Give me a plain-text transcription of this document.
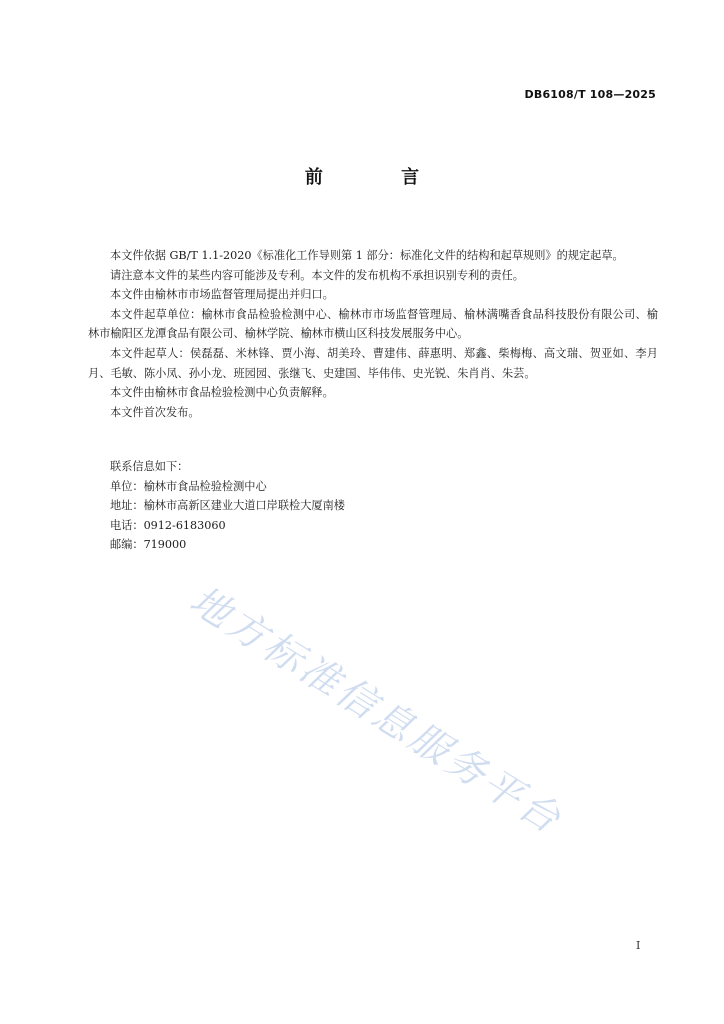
DB6108/T 108—2025
前 言

本文件依据 GB/T 1.1-2020《标准化工作导则第 1 部分：标准化文件的结构和起草规则》的规定起草。

请注意本文件的某些内容可能涉及专利。本文件的发布机构不承担识别专利的责任。

本文件由榆林市市场监督管理局提出并归口。

本文件起草单位：榆林市食品检验检测中心、榆林市市场监督管理局、榆林满嘴香食品科技股份有限公司、榆林市榆阳区龙潭食品有限公司、榆林学院、榆林市横山区科技发展服务中心。

本文件起草人：侯磊磊、米林锋、贾小海、胡美玲、曹建伟、薛惠明、郑鑫、柴梅梅、高文瑞、贺亚如、李月月、毛敏、陈小凤、孙小龙、班园园、张继飞、史建国、毕伟伟、史光锐、朱肖肖、朱芸。

本文件由榆林市食品检验检测中心负责解释。

本文件首次发布。

联系信息如下：

单位：榆林市食品检验检测中心

地址：榆林市高新区建业大道口岸联检大厦南楼

电话：0912-6183060

邮编：719000

地方标准信息服务平台
I
